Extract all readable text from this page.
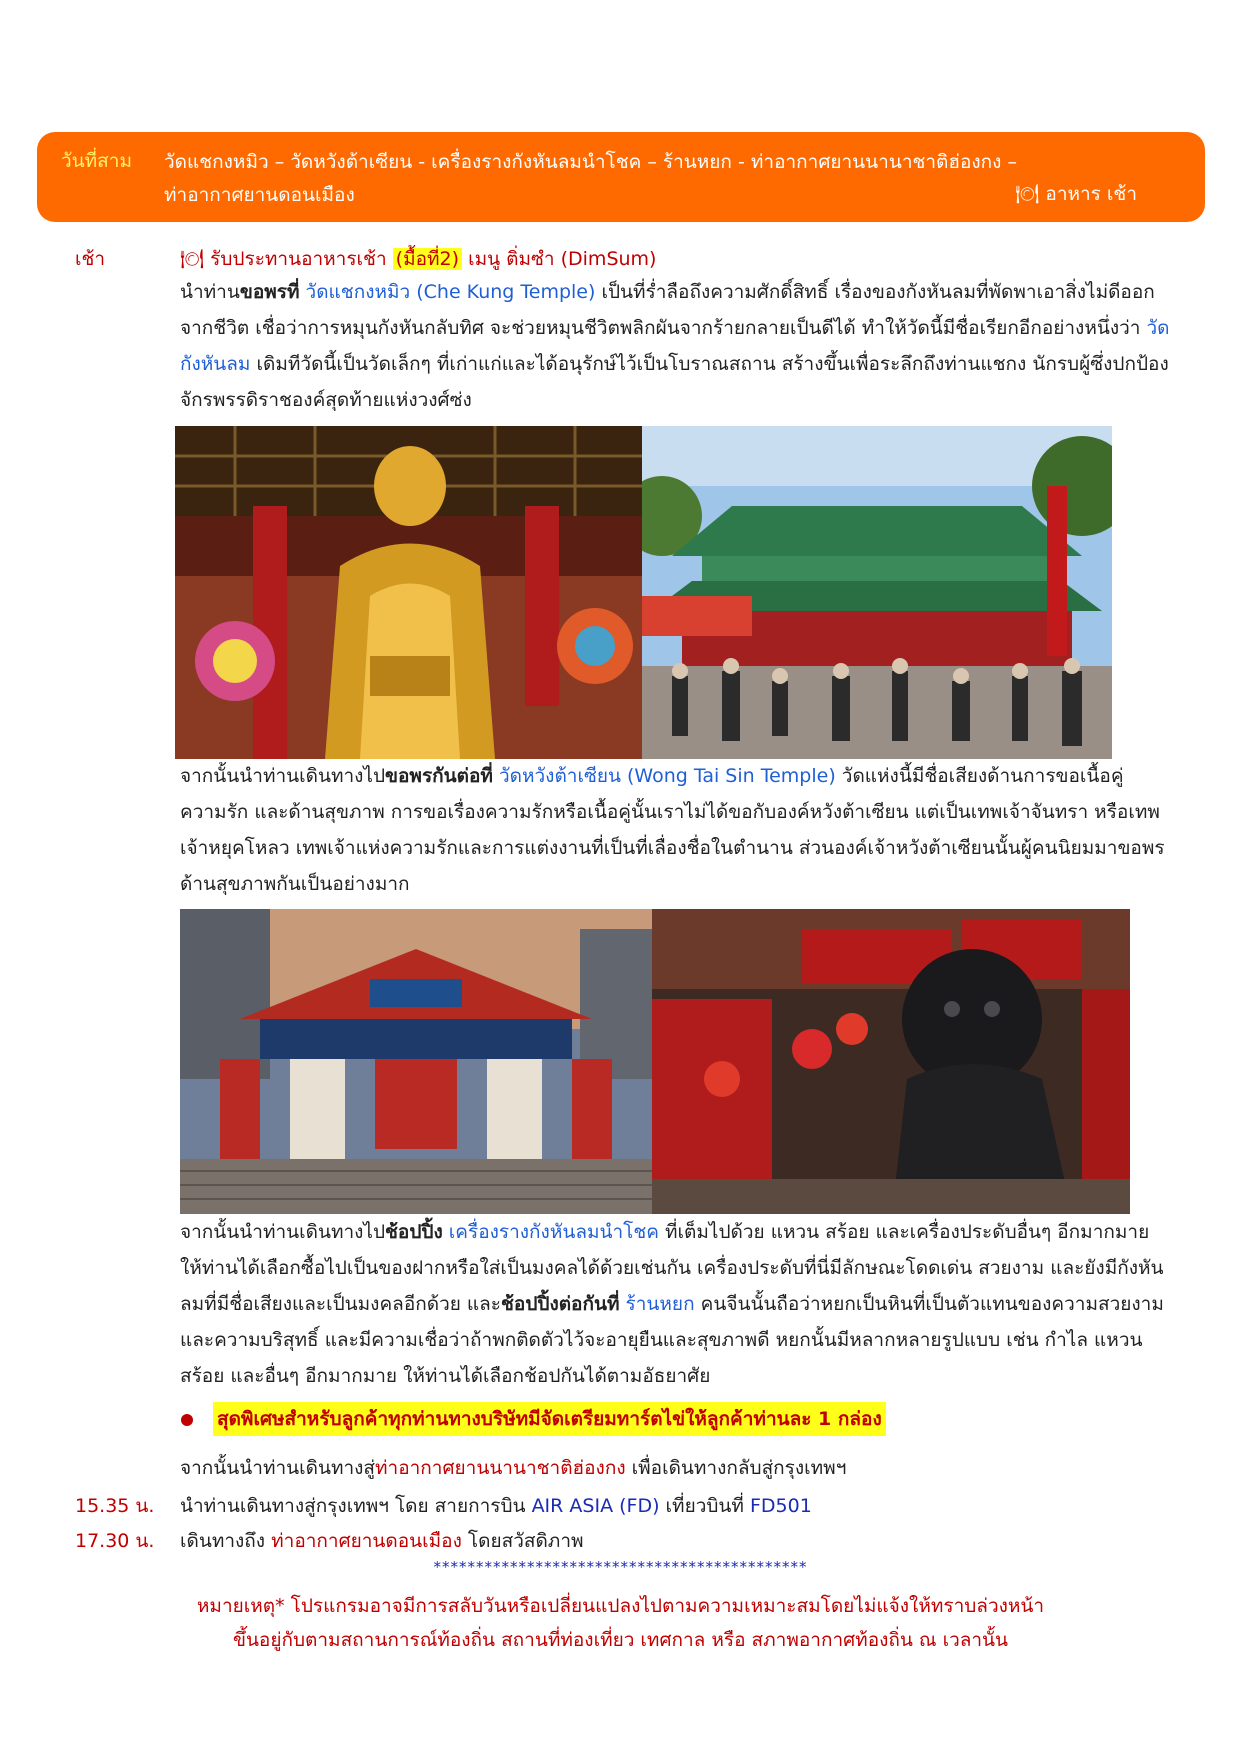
วันที่สาม วัดแชกงหมิว – วัดหวังต้าเซียน - เครื่องรางกังหันลมนำโชค – ร้านหยก - ท่าอากาศยานนานาชาติฮ่องกง –
ท่าอากาศยานดอนเมือง	🍽 อาหาร เช้า
เช้า	🍽 รับประทานอาหารเช้า (มื้อที่2) เมนู ติ่มซำ (DimSum)
นำท่านขอพรที่ วัดแชกงหมิว (Che Kung Temple) เป็นที่ร่ำลือถึงความศักดิ์สิทธิ์ เรื่องของกังหันลมที่พัดพาเอาสิ่งไม่ดีออกจากชีวิต เชื่อว่าการหมุนกังหันกลับทิศ จะช่วยหมุนชีวิตพลิกผันจากร้ายกลายเป็นดีได้ ทำให้วัดนี้มีชื่อเรียกอีกอย่างหนึ่งว่า วัดกังหันลม เดิมทีวัดนี้เป็นวัดเล็กๆ ที่เก่าแก่และได้อนุรักษ์ไว้เป็นโบราณสถาน สร้างขึ้นเพื่อระลึกถึงท่านแชกง นักรบผู้ซึ่งปกป้องจักรพรรดิราชองค์สุดท้ายแห่งวงศ์ซ่ง
จากนั้นนำท่านเดินทางไปขอพรกันต่อที่ วัดหวังต้าเซียน (Wong Tai Sin Temple) วัดแห่งนี้มีชื่อเสียงด้านการขอเนื้อคู่ ความรัก และด้านสุขภาพ การขอเรื่องความรักหรือเนื้อคู่นั้นเราไม่ได้ขอกับองค์หวังต้าเซียน แต่เป็นเทพเจ้าจันทรา หรือเทพเจ้าหยุคโหลว เทพเจ้าแห่งความรักและการแต่งงานที่เป็นที่เลื่องชื่อในตำนาน ส่วนองค์เจ้าหวังต้าเซียนนั้นผู้คนนิยมมาขอพรด้านสุขภาพกันเป็นอย่างมาก
จากนั้นนำท่านเดินทางไปช้อปปิ้ง เครื่องรางกังหันลมนำโชค ที่เต็มไปด้วย แหวน สร้อย และเครื่องประดับอื่นๆ อีกมากมาย ให้ท่านได้เลือกซื้อไปเป็นของฝากหรือใส่เป็นมงคลได้ด้วยเช่นกัน เครื่องประดับที่นี่มีลักษณะโดดเด่น สวยงาม และยังมีกังหันลมที่มีชื่อเสียงและเป็นมงคลอีกด้วย และช้อปปิ้งต่อกันที่ ร้านหยก คนจีนนั้นถือว่าหยกเป็นหินที่เป็นตัวแทนของความสวยงามและความบริสุทธิ์ และมีความเชื่อว่าถ้าพกติดตัวไว้จะอายุยืนและสุขภาพดี หยกนั้นมีหลากหลายรูปแบบ เช่น กำไล แหวน สร้อย และอื่นๆ อีกมากมาย ให้ท่านได้เลือกช้อปกันได้ตามอัธยาศัย
สุดพิเศษสำหรับลูกค้าทุกท่านทางบริษัทมีจัดเตรียมทาร์ตไข่ให้ลูกค้าท่านละ 1 กล่อง
จากนั้นนำท่านเดินทางสู่ท่าอากาศยานนานาชาติฮ่องกง เพื่อเดินทางกลับสู่กรุงเทพฯ
15.35 น. นำท่านเดินทางสู่กรุงเทพฯ โดย สายการบิน AIR ASIA (FD) เที่ยวบินที่ FD501
17.30 น. เดินทางถึง ท่าอากาศยานดอนเมือง โดยสวัสดิภาพ
********************************************
หมายเหตุ* โปรแกรมอาจมีการสลับวันหรือเปลี่ยนแปลงไปตามความเหมาะสมโดยไม่แจ้งให้ทราบล่วงหน้า
ขึ้นอยู่กับตามสถานการณ์ท้องถิ่น สถานที่ท่องเที่ยว เทศกาล หรือ สภาพอากาศท้องถิ่น ณ เวลานั้น
